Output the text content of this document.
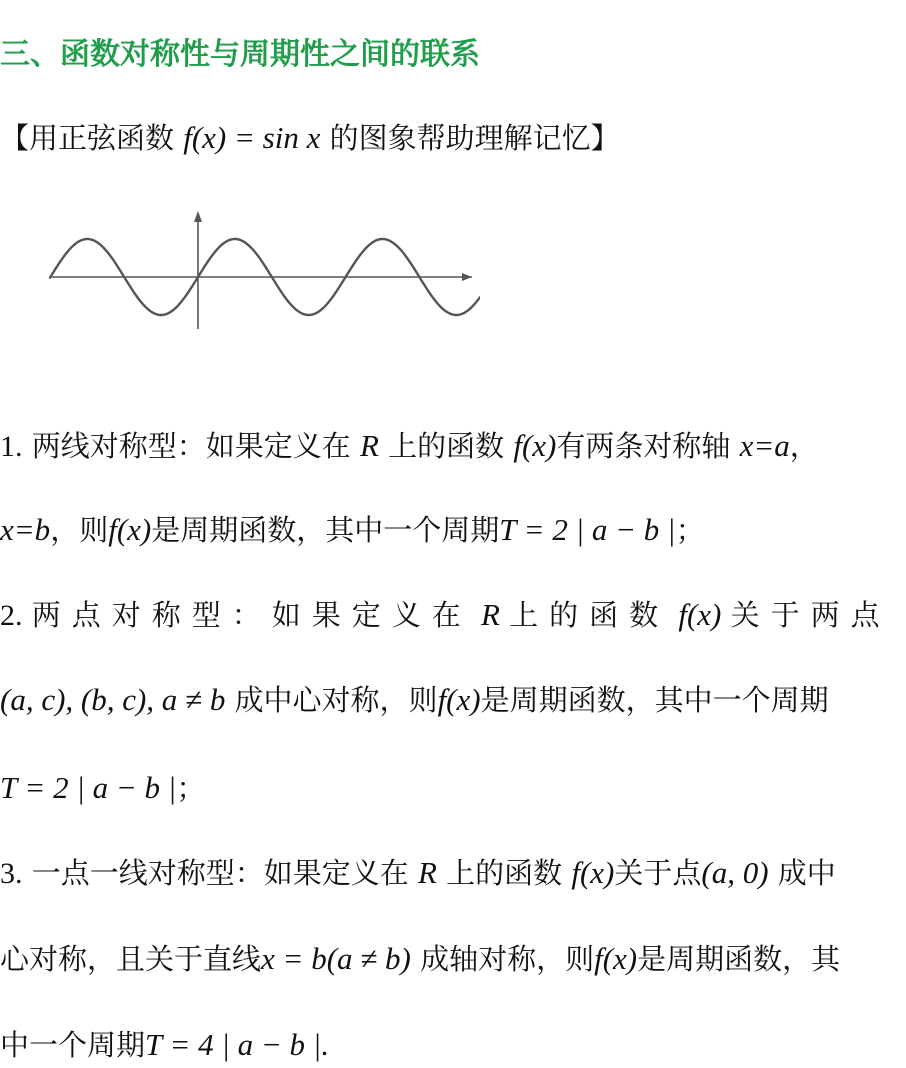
三、函数对称性与周期性之间的联系
【用正弦函数 f(x) = sin x 的图象帮助理解记忆】
1. 两线对称型：如果定义在 R 上的函数 f(x)有两条对称轴 x=a，
x=b，则f(x)是周期函数，其中一个周期T = 2 | a − b |；
2. 两点对称型：如果定义在 R 上的函数 f(x) 关于两点
(a, c), (b, c), a ≠ b 成中心对称，则f(x)是周期函数，其中一个周期
T = 2 | a − b |；
3. 一点一线对称型：如果定义在 R 上的函数 f(x)关于点(a, 0) 成中
心对称，且关于直线x = b(a ≠ b) 成轴对称，则f(x)是周期函数，其
中一个周期T = 4 | a − b |.
